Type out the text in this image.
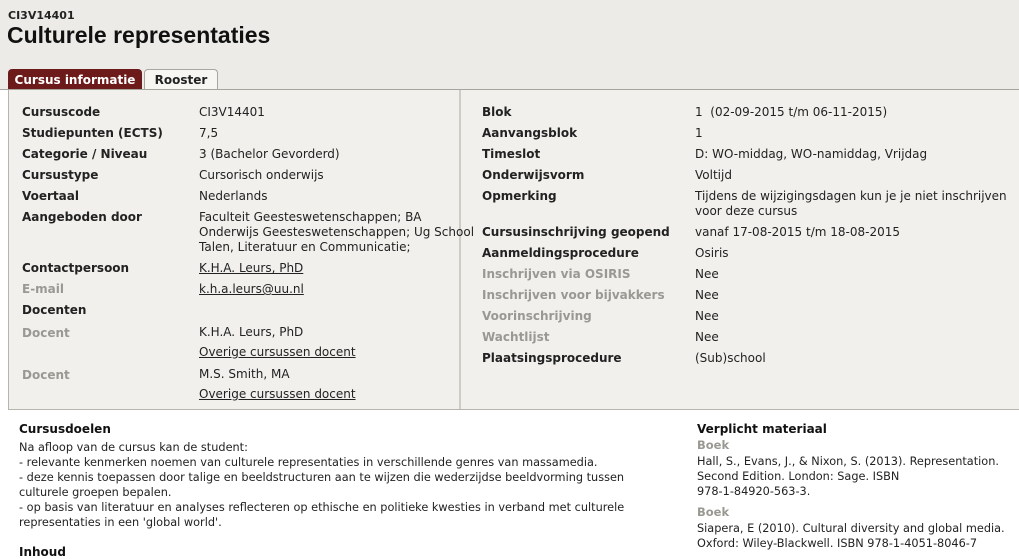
CI3V14401
Culturele representaties
Cursus informatie	Rooster
Cursuscode	CI3V14401
Studiepunten (ECTS)	7,5
Categorie / Niveau	3 (Bachelor Gevorderd)
Cursustype	Cursorisch onderwijs
Voertaal	Nederlands
Aangeboden door	Faculteit Geesteswetenschappen; BA
Onderwijs Geesteswetenschappen; Ug School
Talen, Literatuur en Communicatie;
Contactpersoon	K.H.A. Leurs, PhD
E-mail	k.h.a.leurs@uu.nl
Docenten
Docent	K.H.A. Leurs, PhD
Overige cursussen docent
Docent	M.S. Smith, MA
Overige cursussen docent
Blok	1  (02-09-2015 t/m 06-11-2015)
Aanvangsblok	1
Timeslot	D: WO-middag, WO-namiddag, Vrijdag
Onderwijsvorm	Voltijd
Opmerking	Tijdens de wijzigingsdagen kun je je niet inschrijven
voor deze cursus
Cursusinschrijving geopend vanaf 17-08-2015 t/m 18-08-2015
Aanmeldingsprocedure	Osiris
Inschrijven via OSIRIS	Nee
Inschrijven voor bijvakkers	Nee
Voorinschrijving	Nee
Wachtlijst	Nee
Plaatsingsprocedure	(Sub)school
Cursusdoelen
Na afloop van de cursus kan de student:
- relevante kenmerken noemen van culturele representaties in verschillende genres van massamedia.
- deze kennis toepassen door talige en beeldstructuren aan te wijzen die wederzijdse beeldvorming tussen
culturele groepen bepalen.
- op basis van literatuur en analyses reflecteren op ethische en politieke kwesties in verband met culturele
representaties in een 'global world'.
Inhoud
Verplicht materiaal
Boek
Hall, S., Evans, J., & Nixon, S. (2013). Representation.
Second Edition. London: Sage. ISBN
978-1-84920-563-3.
Boek
Siapera, E (2010). Cultural diversity and global media.
Oxford: Wiley-Blackwell. ISBN 978-1-4051-8046-7
